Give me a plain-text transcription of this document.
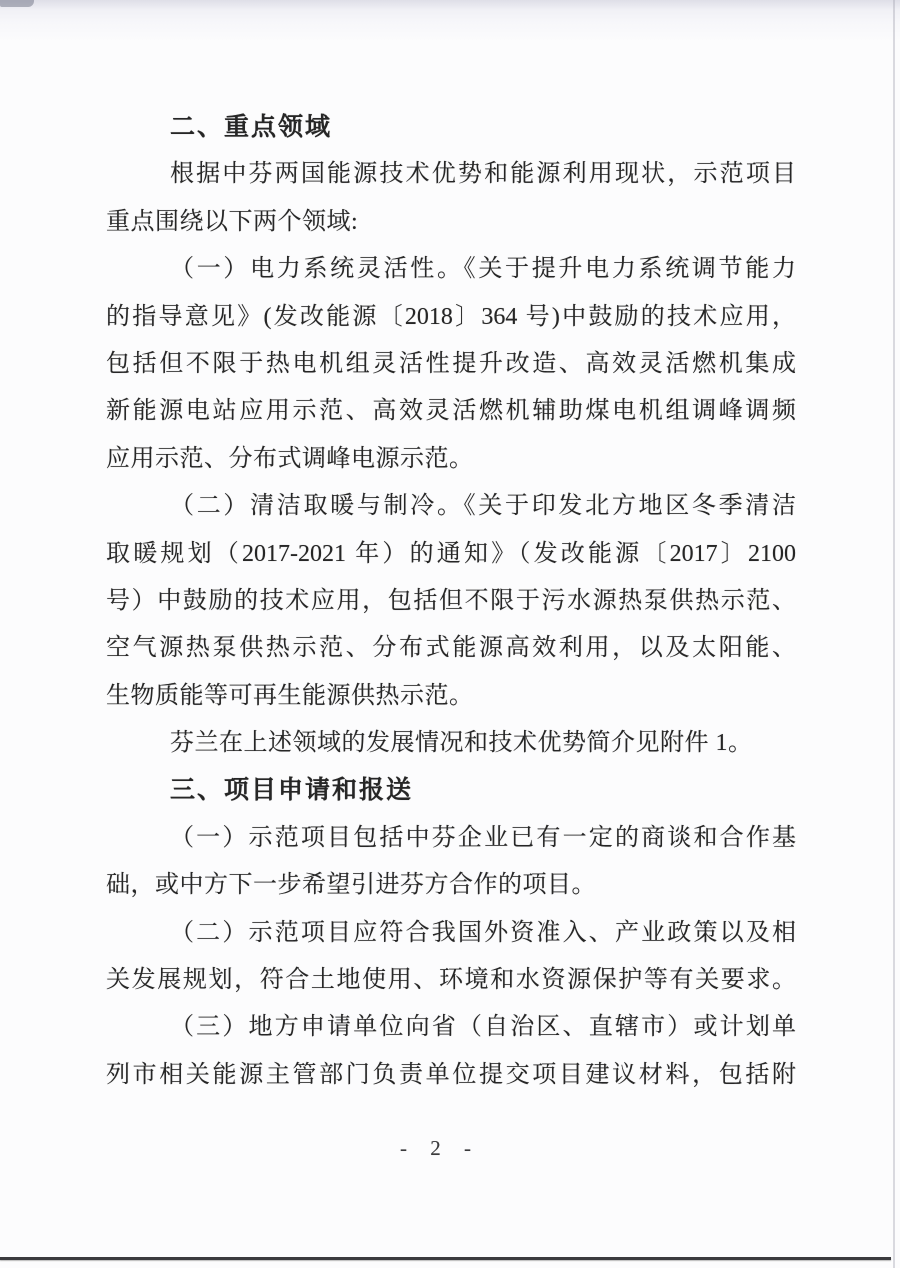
二、重点领域
根据中芬两国能源技术优势和能源利用现状，示范项目
重点围绕以下两个领域:
（一）电力系统灵活性。《关于提升电力系统调节能力
的指导意见》(发改能源〔2018〕364 号)中鼓励的技术应用，
包括但不限于热电机组灵活性提升改造、高效灵活燃机集成
新能源电站应用示范、高效灵活燃机辅助煤电机组调峰调频
应用示范、分布式调峰电源示范。
（二）清洁取暖与制冷。《关于印发北方地区冬季清洁
取暖规划（2017-2021 年）的通知》（发改能源〔2017〕2100
号）中鼓励的技术应用，包括但不限于污水源热泵供热示范、
空气源热泵供热示范、分布式能源高效利用，以及太阳能、
生物质能等可再生能源供热示范。
芬兰在上述领域的发展情况和技术优势简介见附件 1。
三、项目申请和报送
（一）示范项目包括中芬企业已有一定的商谈和合作基
础，或中方下一步希望引进芬方合作的项目。
（二）示范项目应符合我国外资准入、产业政策以及相
关发展规划，符合土地使用、环境和水资源保护等有关要求。
（三）地方申请单位向省（自治区、直辖市）或计划单
列市相关能源主管部门负责单位提交项目建议材料，包括附
- 2 -
